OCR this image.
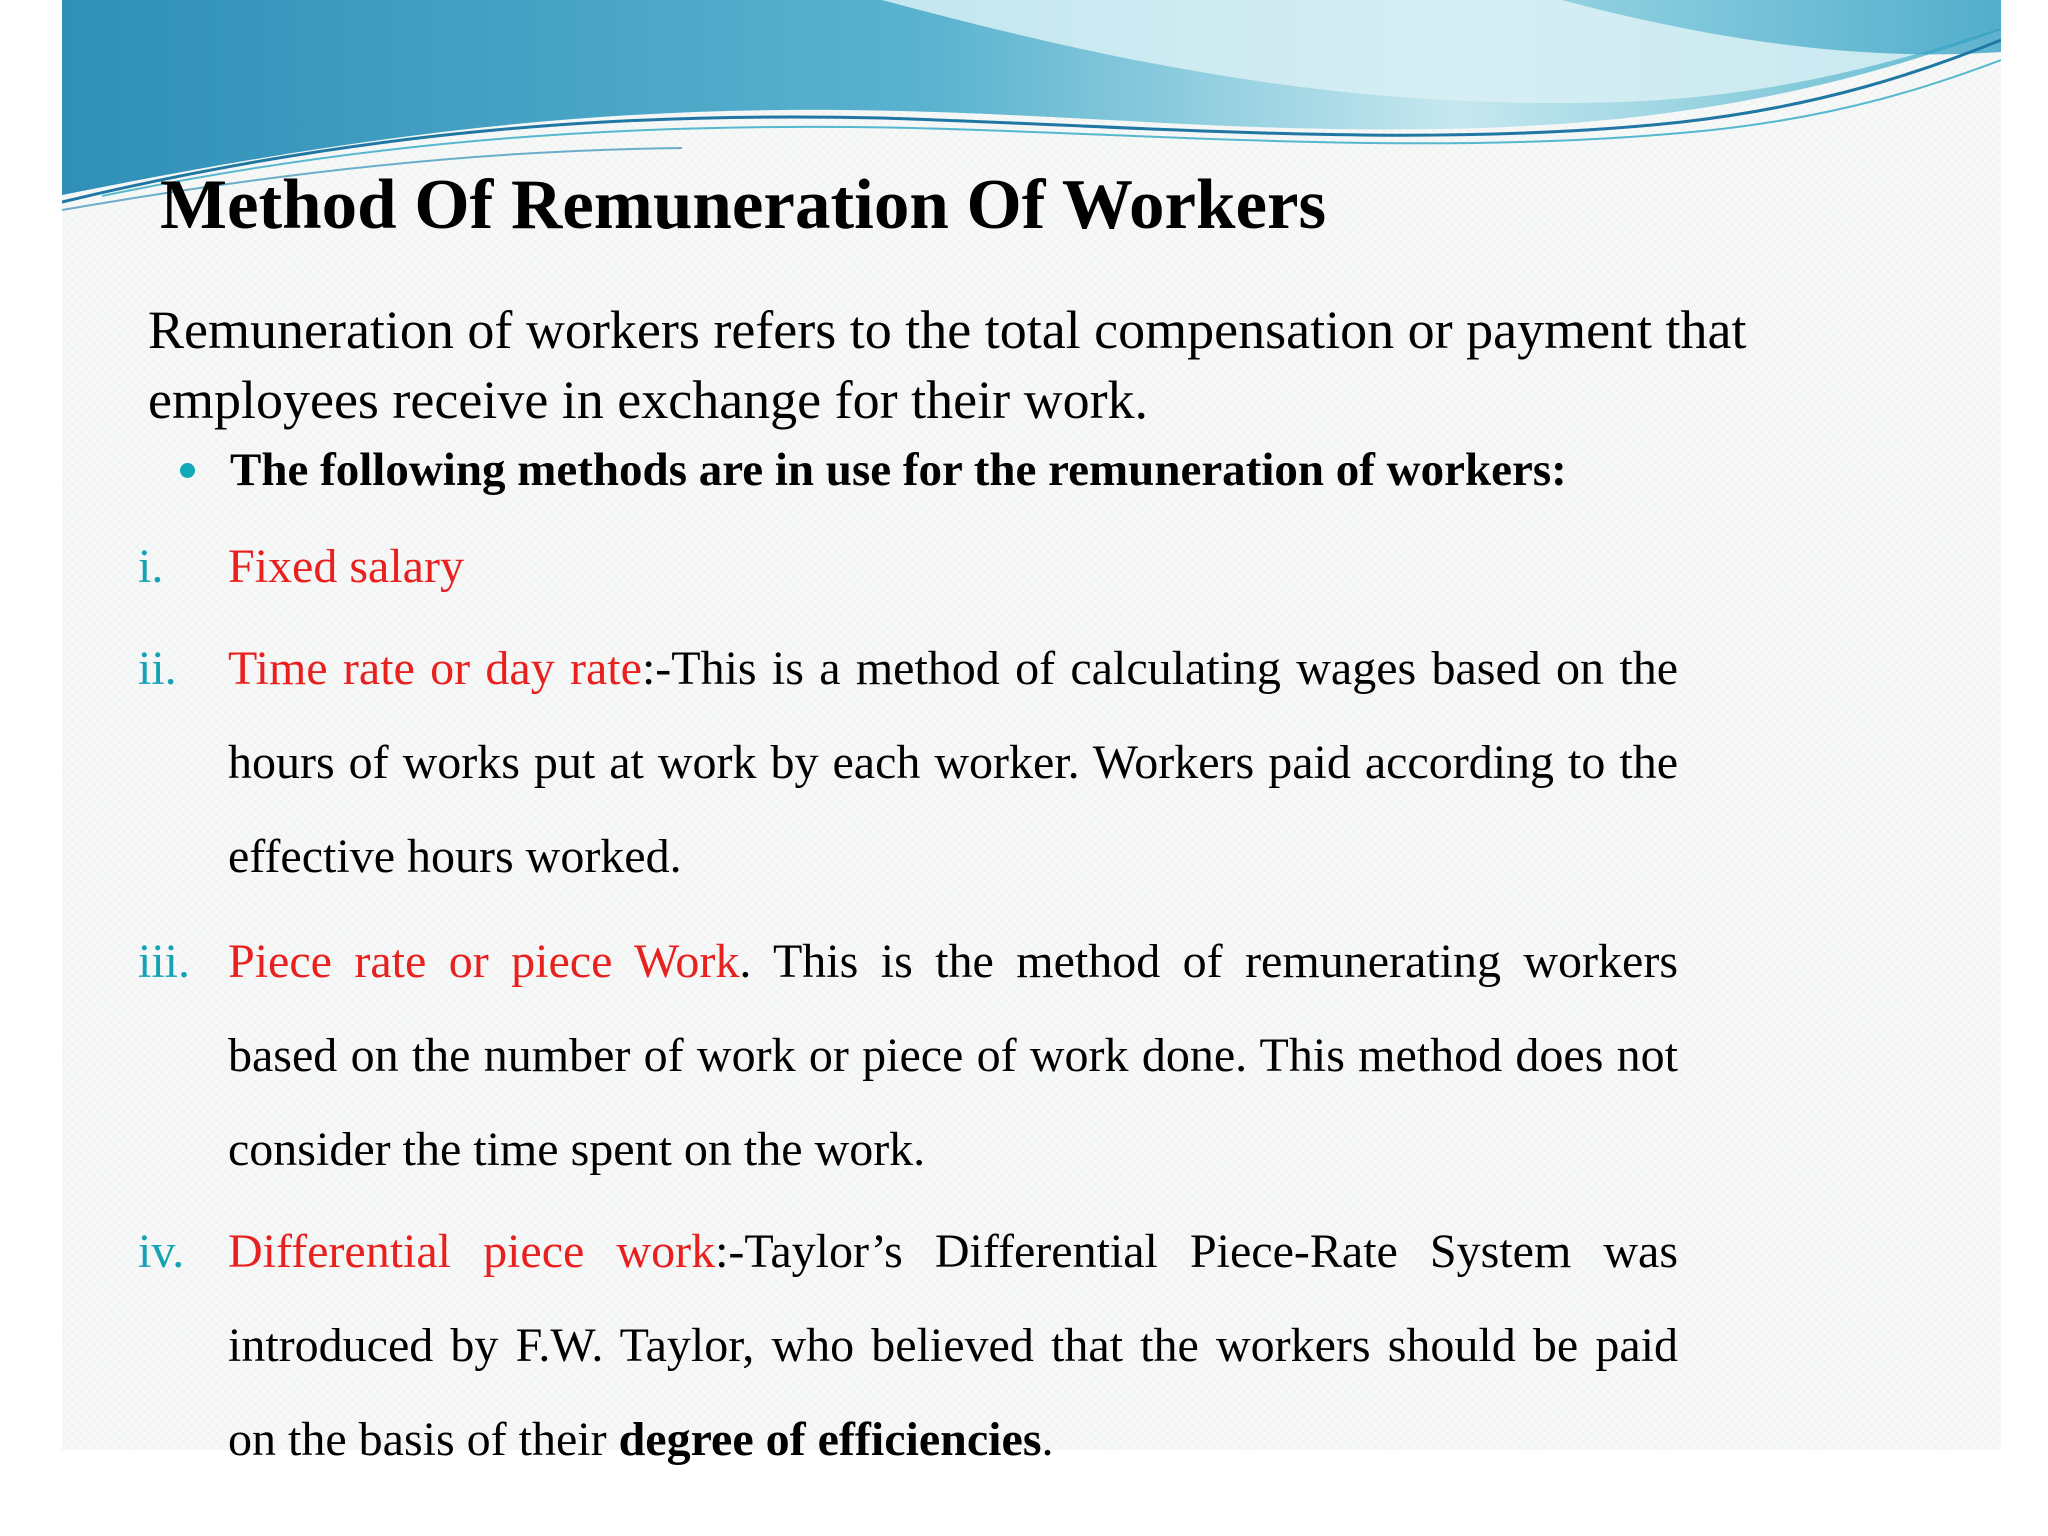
Method Of Remuneration Of Workers

Remuneration of workers refers to the total compensation or payment that employees receive in exchange for their work.

The following methods are in use for the remuneration of workers:
i. Fixed salary
ii. Time rate or day rate:-This is a method of calculating wages based on the hours of works put at work by each worker. Workers paid according to the effective hours worked.
iii. Piece rate or piece Work. This is the method of remunerating workers based on the number of work or piece of work done. This method does not consider the time spent on the work.
iv. Differential piece work:-Taylor’s Differential Piece-Rate System was introduced by F.W. Taylor, who believed that the workers should be paid on the basis of their degree of efficiencies.
